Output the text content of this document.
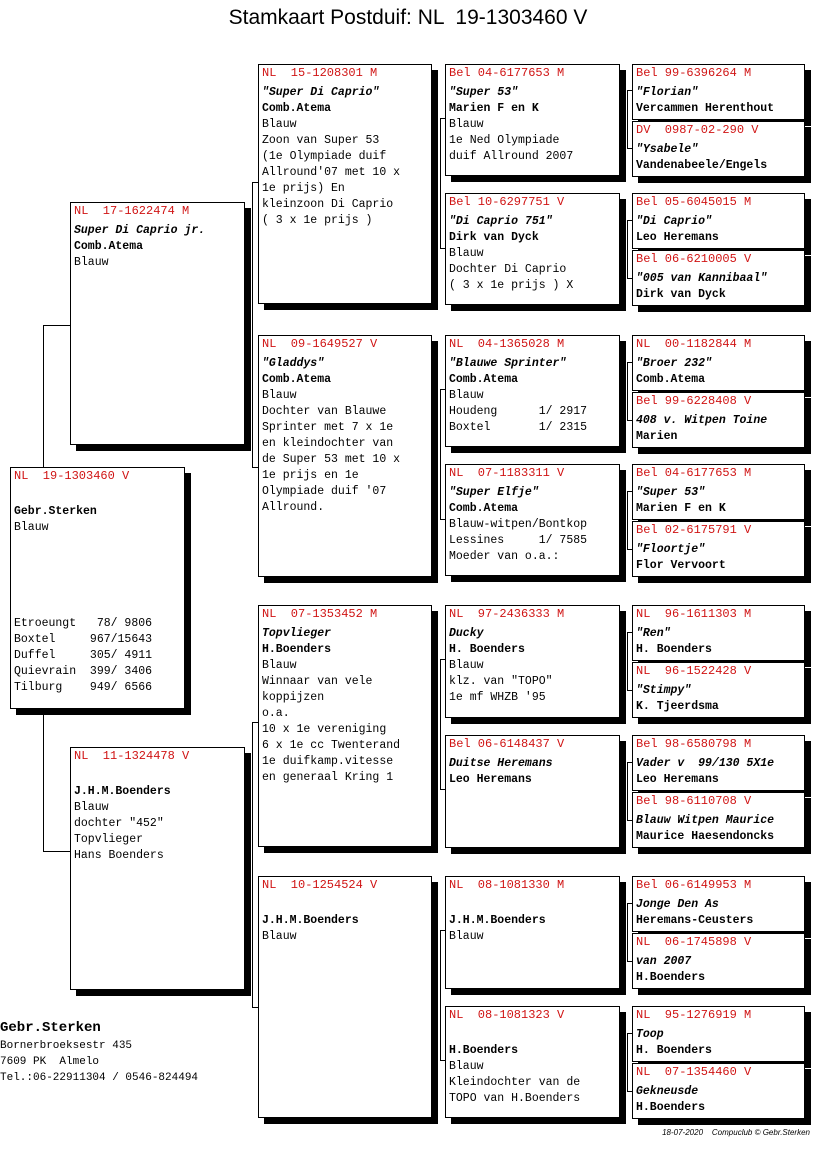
Stamkaart Postduif: NL  19-1303460 V
NL  19-1303460 V
Gebr.Sterken
Blauw
Etroeungt   78/ 9806
Boxtel     967/15643
Duffel     305/ 4911
Quievrain  399/ 3406
Tilburg    949/ 6566
NL  17-1622474 M
Super Di Caprio jr.
Comb.Atema
Blauw
NL  11-1324478 V
J.H.M.Boenders
Blauw
dochter "452"
Topvlieger
Hans Boenders
NL  15-1208301 M
"Super Di Caprio"
Comb.Atema
Blauw
Zoon van Super 53
(1e Olympiade duif
Allround'07 met 10 x
1e prijs) En
kleinzoon Di Caprio
( 3 x 1e prijs )
NL  09-1649527 V
"Gladdys"
Comb.Atema
Blauw
Dochter van Blauwe
Sprinter met 7 x 1e
en kleindochter van
de Super 53 met 10 x
1e prijs en 1e
Olympiade duif '07
Allround.
NL  07-1353452 M
Topvlieger
H.Boenders
Blauw
Winnaar van vele
koppijzen
o.a.
10 x 1e vereniging
6 x 1e cc Twenterand
1e duifkamp.vitesse
en generaal Kring 1
NL  10-1254524 V
J.H.M.Boenders
Blauw
Bel 04-6177653 M
"Super 53"
Marien F en K
Blauw
1e Ned Olympiade
duif Allround 2007
Bel 10-6297751 V
"Di Caprio 751"
Dirk van Dyck
Blauw
Dochter Di Caprio
( 3 x 1e prijs ) X
NL  04-1365028 M
"Blauwe Sprinter"
Comb.Atema
Blauw
Houdeng      1/ 2917
Boxtel       1/ 2315
NL  07-1183311 V
"Super Elfje"
Comb.Atema
Blauw-witpen/Bontkop
Lessines     1/ 7585
Moeder van o.a.:
NL  97-2436333 M
Ducky
H. Boenders
Blauw
klz. van "TOPO"
1e mf WHZB '95
Bel 06-6148437 V
Duitse Heremans
Leo Heremans
NL  08-1081330 M
J.H.M.Boenders
Blauw
NL  08-1081323 V
H.Boenders
Blauw
Kleindochter van de
TOPO van H.Boenders
Bel 99-6396264 M
"Florian"
Vercammen Herenthout
DV  0987-02-290 V
"Ysabele"
Vandenabeele/Engels
Bel 05-6045015 M
"Di Caprio"
Leo Heremans
Bel 06-6210005 V
"005 van Kannibaal"
Dirk van Dyck
NL  00-1182844 M
"Broer 232"
Comb.Atema
Bel 99-6228408 V
408 v. Witpen Toine
Marien
Bel 04-6177653 M
"Super 53"
Marien F en K
Bel 02-6175791 V
"Floortje"
Flor Vervoort
NL  96-1611303 M
"Ren"
H. Boenders
NL  96-1522428 V
"Stimpy"
K. Tjeerdsma
Bel 98-6580798 M
Vader v  99/130 5X1e
Leo Heremans
Bel 98-6110708 V
Blauw Witpen Maurice
Maurice Haesendoncks
Bel 06-6149953 M
Jonge Den As
Heremans-Ceusters
NL  06-1745898 V
van 2007
H.Boenders
NL  95-1276919 M
Toop
H. Boenders
NL  07-1354460 V
Gekneusde
H.Boenders
Gebr.Sterken
Bornerbroeksestr 435
7609 PK  Almelo
Tel.:06-22911304 / 0546-824494
18-07-2020    Compuclub © Gebr.Sterken
